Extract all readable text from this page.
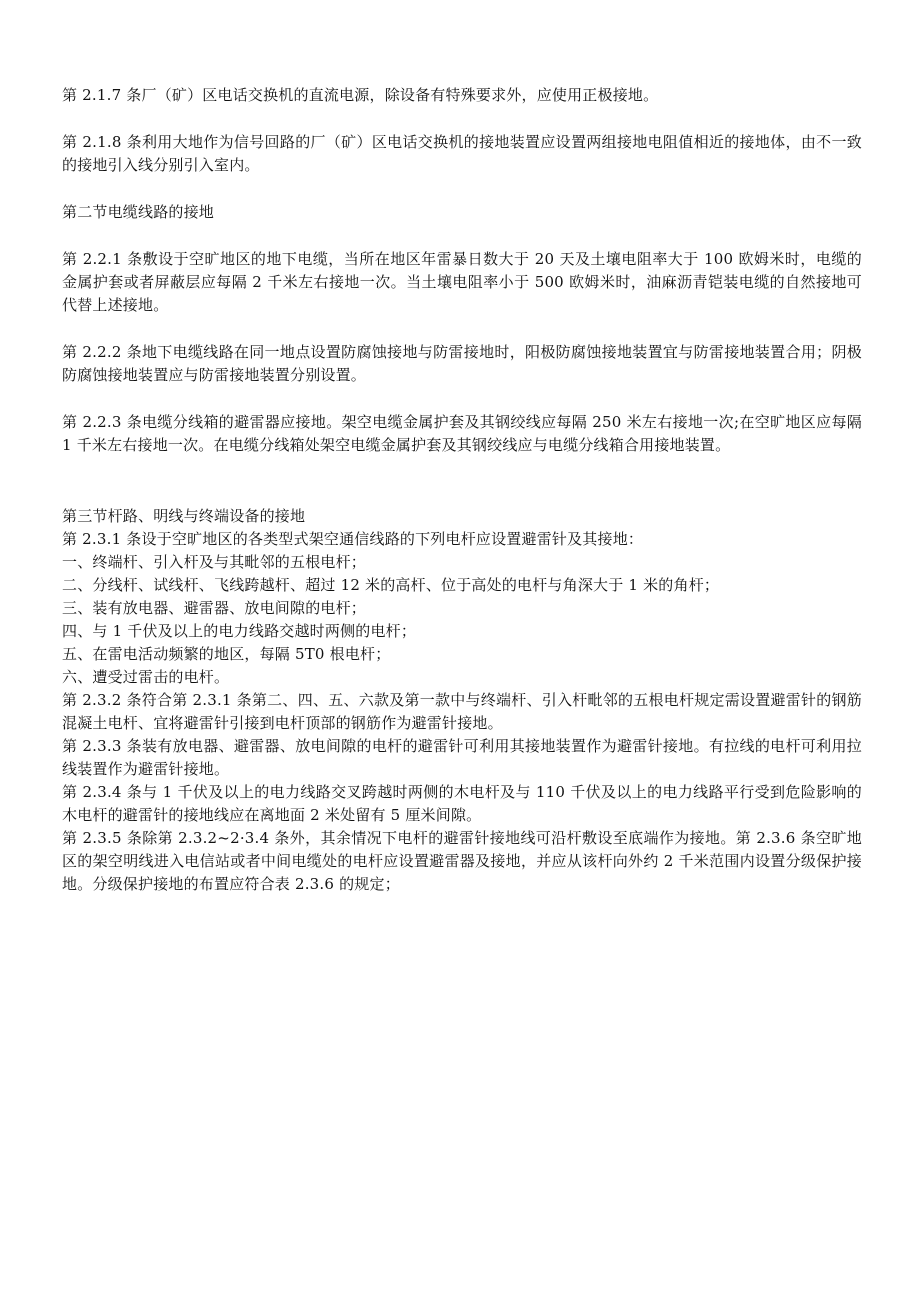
第 2.1.7 条厂（矿）区电话交换机的直流电源，除设备有特殊要求外，应使用正极接地。

第 2.1.8 条利用大地作为信号回路的厂（矿）区电话交换机的接地装置应设置两组接地电阻值相近的接地体，由不一致的接地引入线分别引入室内。

第二节电缆线路的接地

第 2.2.1 条敷设于空旷地区的地下电缆，当所在地区年雷暴日数大于 20 天及土壤电阻率大于 100 欧姆米时，电缆的金属护套或者屏蔽层应每隔 2 千米左右接地一次。当土壤电阻率小于 500 欧姆米时，油麻沥青铠装电缆的自然接地可代替上述接地。

第 2.2.2 条地下电缆线路在同一地点设置防腐蚀接地与防雷接地时，阳极防腐蚀接地装置宜与防雷接地装置合用；阴极防腐蚀接地装置应与防雷接地装置分别设置。

第 2.2.3 条电缆分线箱的避雷器应接地。架空电缆金属护套及其钢绞线应每隔 250 米左右接地一次;在空旷地区应每隔 1 千米左右接地一次。在电缆分线箱处架空电缆金属护套及其钢绞线应与电缆分线箱合用接地装置。

第三节杆路、明线与终端设备的接地

第 2.3.1 条设于空旷地区的各类型式架空通信线路的下列电杆应设置避雷针及其接地：

一、终端杆、引入杆及与其毗邻的五根电杆；

二、分线杆、试线杆、飞线跨越杆、超过 12 米的高杆、位于高处的电杆与角深大于 1 米的角杆；

三、装有放电器、避雷器、放电间隙的电杆；

四、与 1 千伏及以上的电力线路交越时两侧的电杆；

五、在雷电活动频繁的地区，每隔 5T0 根电杆；

六、遭受过雷击的电杆。

第 2.3.2 条符合第 2.3.1 条第二、四、五、六款及第一款中与终端杆、引入杆毗邻的五根电杆规定需设置避雷针的钢筋混凝土电杆、宜将避雷针引接到电杆顶部的钢筋作为避雷针接地。

第 2.3.3 条装有放电器、避雷器、放电间隙的电杆的避雷针可利用其接地装置作为避雷针接地。有拉线的电杆可利用拉线装置作为避雷针接地。

第 2.3.4 条与 1 千伏及以上的电力线路交叉跨越时两侧的木电杆及与 110 千伏及以上的电力线路平行受到危险影响的木电杆的避雷针的接地线应在离地面 2 米处留有 5 厘米间隙。

第 2.3.5 条除第 2.3.2~2·3.4 条外，其余情况下电杆的避雷针接地线可沿杆敷设至底端作为接地。第 2.3.6 条空旷地区的架空明线进入电信站或者中间电缆处的电杆应设置避雷器及接地，并应从该杆向外约 2 千米范围内设置分级保护接地。分级保护接地的布置应符合表 2.3.6 的规定；
